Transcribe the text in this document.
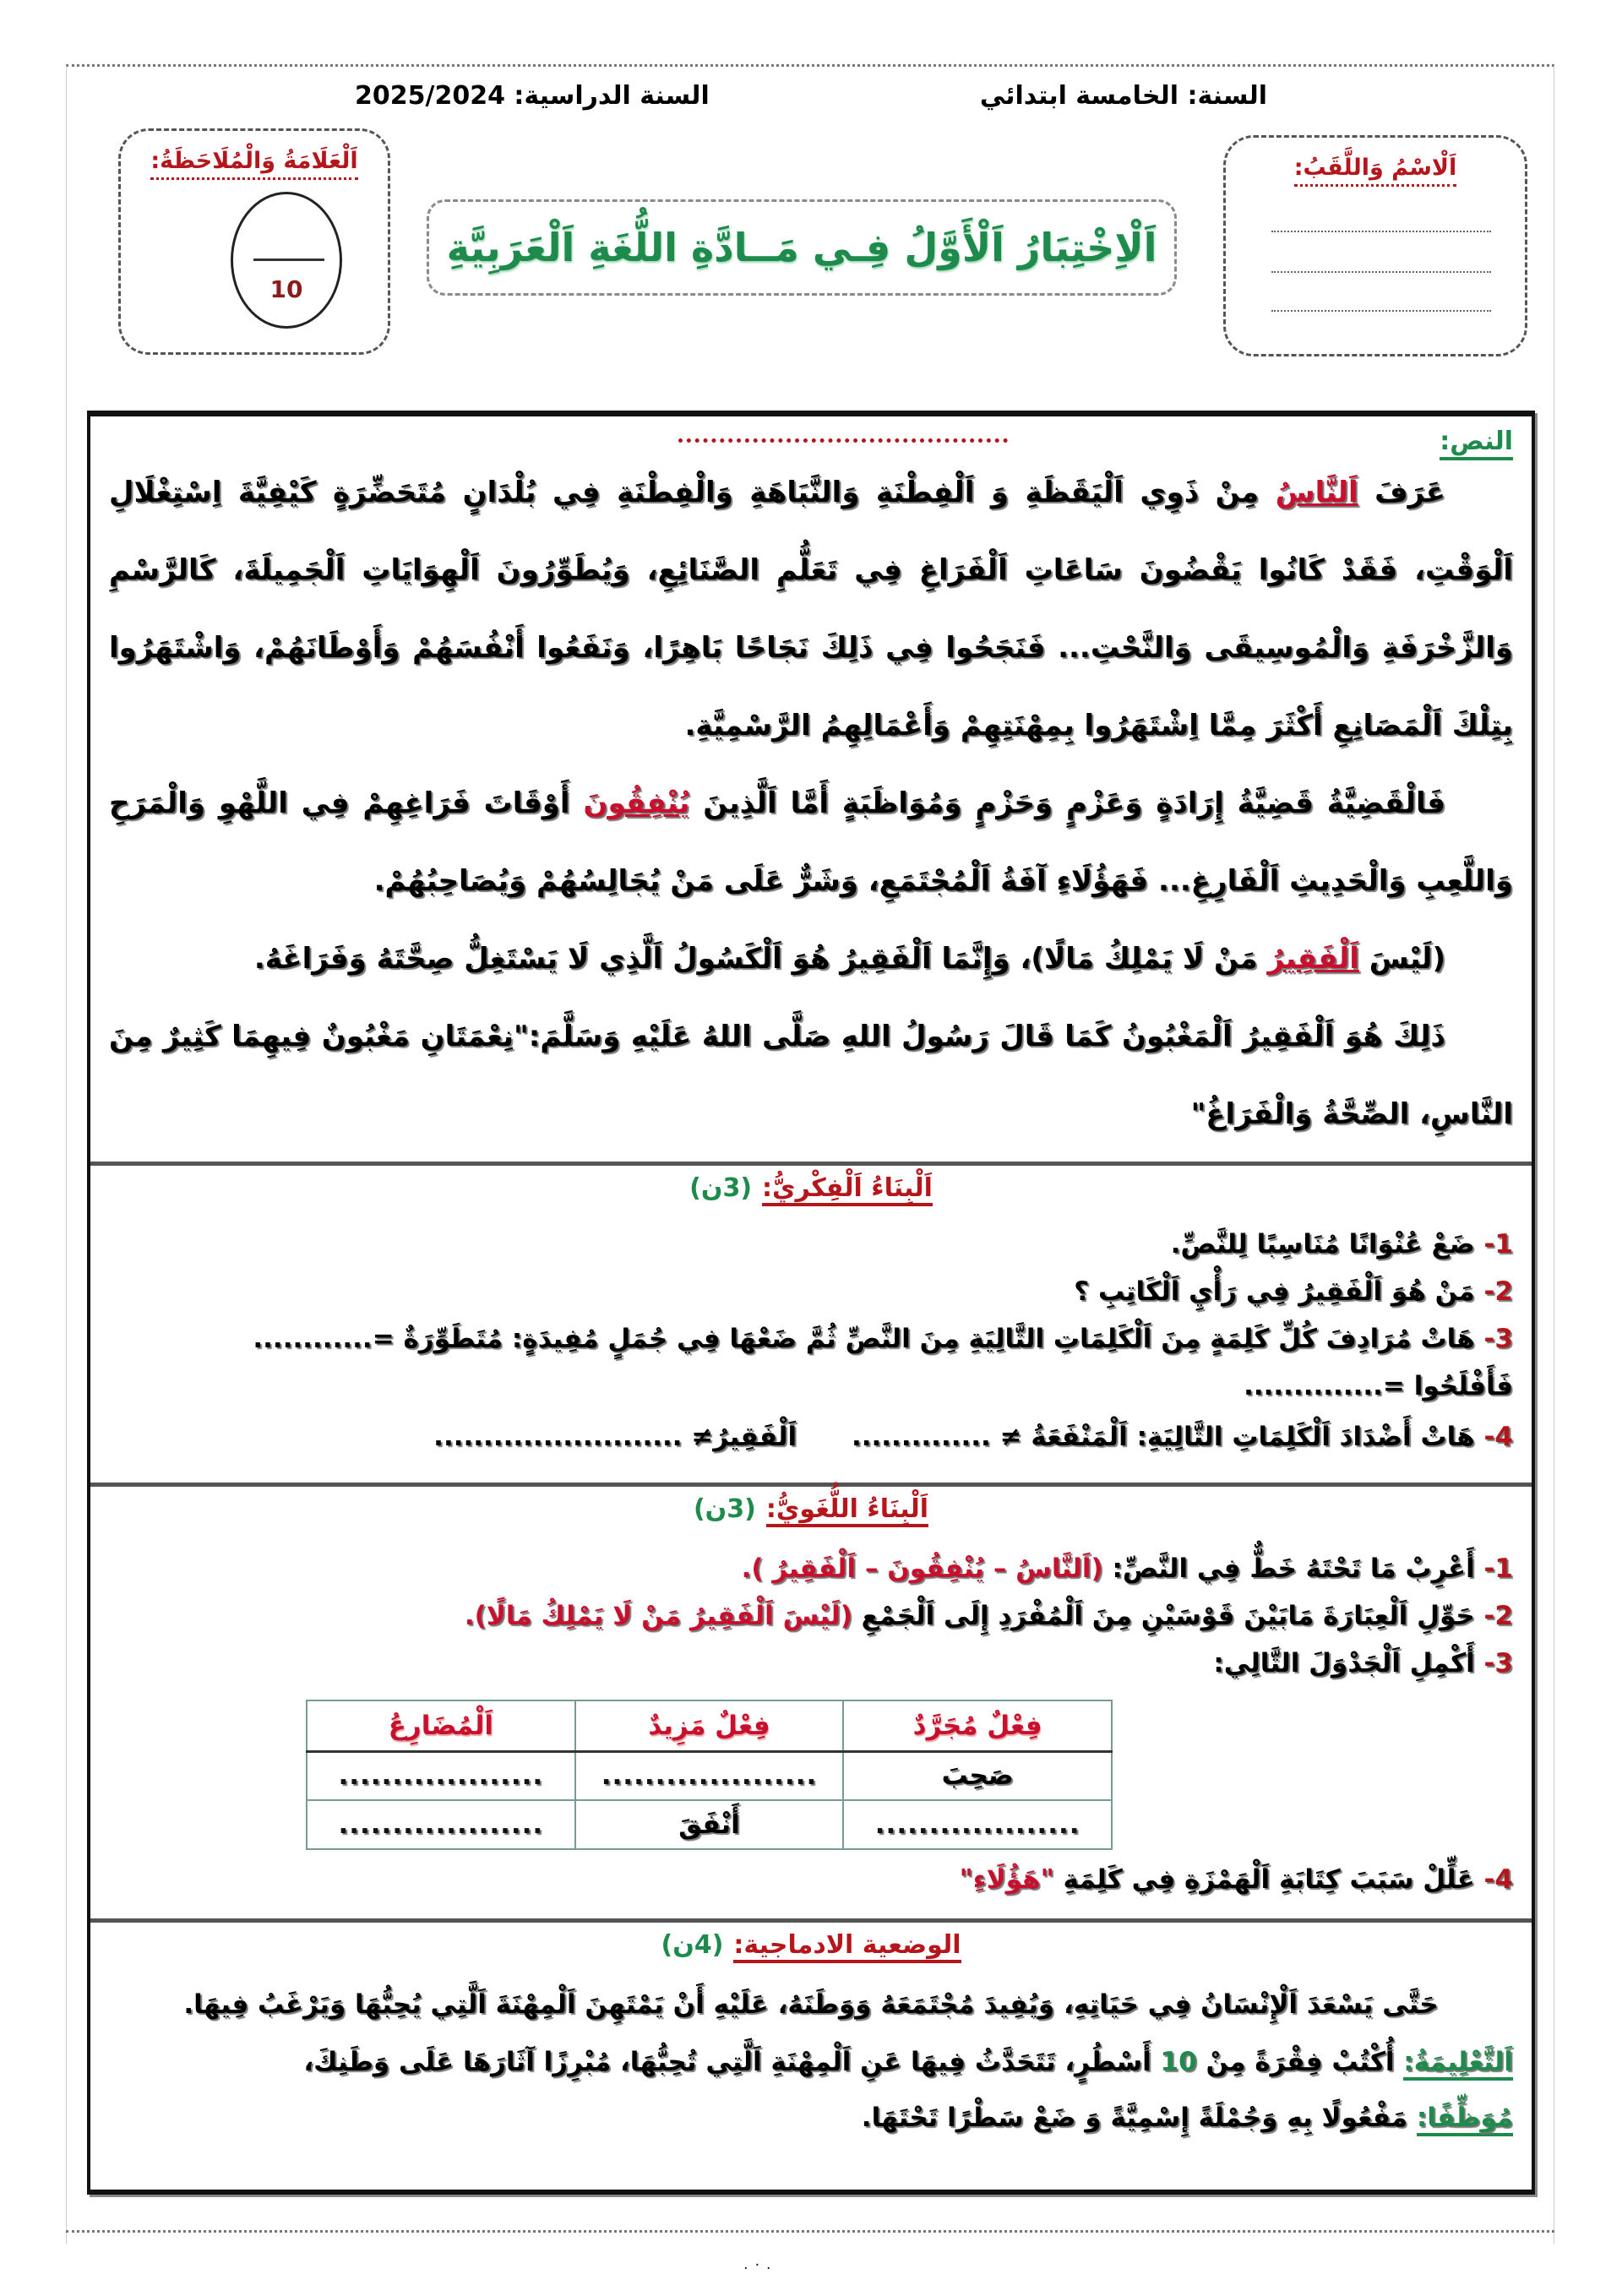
السنة: الخامسة ابتدائي
السنة الدراسية: 2025/2024
اَلْاسْمُ وَاللَّقَبُ:
اَلْاِخْتِبَارُ اَلْأَوَّلُ فِـي مَــادَّةِ اللُّغَةِ اَلْعَرَبِيَّةِ
اَلْعَلَامَةُ وَالْمُلَاحَظَةُ:
10
النص:

عَرَفَ اَلنَّاسُ مِنْ ذَوِي اَلْيَقَظَةِ وَ اَلْفِطْنَةِ وَالنَّبَاهَةِ وَالْفِطْنَةِ فِي بُلْدَانٍ مُتَحَضِّرَةٍ كَيْفِيَّةَ اِسْتِغْلَالِ اَلْوَقْتِ، فَقَدْ كَانُوا يَقْضُونَ سَاعَاتِ اَلْفَرَاغِ فِي تَعَلُّمِ الصَّنَائِعِ، وَيُطَوِّرُونَ اَلْهِوَايَاتِ اَلْجَمِيلَةَ، كَالرَّسْمِ وَالزَّخْرَفَةِ وَالْمُوسِيقَى وَالنَّحْتِ... فَنَجَحُوا فِي ذَلِكَ نَجَاحًا بَاهِرًا، وَنَفَعُوا أَنْفُسَهُمْ وَأَوْطَانَهُمْ، وَاشْتَهَرُوا بِتِلْكَ اَلْمَصَانِعِ أَكْثَرَ مِمَّا اِشْتَهَرُوا بِمِهْنَتِهِمْ وَأَعْمَالِهِمُ الرَّسْمِيَّةِ.

فَالْقَضِيَّةُ قَضِيَّةُ إِرَادَةٍ وَعَزْمٍ وَحَزْمٍ وَمُوَاظَبَةٍ أَمَّا اَلَّذِينَ يُنْفِقُونَ أَوْقَاتَ فَرَاغِهِمْ فِي اللَّهْوِ وَالْمَرَحِ وَاللَّعِبِ وَالْحَدِيثِ اَلْفَارِغِ... فَهَؤُلَاءِ آفَةُ اَلْمُجْتَمَعِ، وَشَرٌّ عَلَى مَنْ يُجَالِسُهُمْ وَيُصَاحِبُهُمْ.

(لَيْسَ اَلْفَقِيرُ مَنْ لَا يَمْلِكُ مَالًا)، وَإِنَّمَا اَلْفَقِيرُ هُوَ اَلْكَسُولُ اَلَّذِي لَا يَسْتَغِلُّ صِحَّتَهُ وَفَرَاغَهُ.

ذَلِكَ هُوَ اَلْفَقِيرُ اَلْمَغْبُونُ كَمَا قَالَ رَسُولُ اللهِ صَلَّى اللهُ عَلَيْهِ وَسَلَّمَ:"نِعْمَتَانِ مَغْبُونٌ فِيهِمَا كَثِيرٌ مِنَ النَّاسِ، الصِّحَّةُ وَالْفَرَاغُ"

اَلْبِنَاءُ اَلْفِكْرِيُّ:(3ن)
1- ضَعْ عُنْوَانًا مُنَاسِبًا لِلنَّصِّ.
2- مَنْ هُوَ اَلْفَقِيرُ فِي رَأْيِ اَلْكَاتِبِ ؟
3- هَاتْ مُرَادِفَ كُلِّ كَلِمَةٍ مِنَ اَلْكَلِمَاتِ التَّالِيَةِ مِنَ النَّصِّ ثُمَّ ضَعْهَا فِي جُمَلٍ مُفِيدَةٍ: مُتَطَوِّرَةٌ =............
فَأَفْلَحُوا =..............
4- هَاتْ أَضْدَادَ اَلْكَلِمَاتِ التَّالِيَةِ: اَلْمَنْفَعَةُ ≠ ..............      اَلْفَقِيرُ≠ .........................
اَلْبِنَاءُ اللُّغَوِيُّ:(3ن)
1- أَعْرِبْ مَا تَحْتَهُ خَطٌّ فِي النَّصِّ: (اَلنَّاسُ – يُنْفِقُونَ – اَلْفَقِيرُ ).
2- حَوِّلِ اَلْعِبَارَةَ مَابَيْنَ قَوْسَيْنِ مِنَ اَلْمُفْرَدِ إِلَى اَلْجَمْعِ (لَيْسَ اَلْفَقِيرُ مَنْ لَا يَمْلِكُ مَالًا).
3- أَكْمِلِ اَلْجَدْوَلَ التَّالِي:
فِعْلٌ مُجَرَّدٌ	فِعْلٌ مَزِيدٌ	اَلْمُضَارِعُ
صَحِبَ	....................	...................
...................	أَنْفَقَ	...................
4- عَلِّلْ سَبَبَ كِتَابَةِ اَلْهَمْزَةِ فِي كَلِمَةِ "هَؤُلَاءِ"
الوضعية الادماجية:(4ن)
حَتَّى يَسْعَدَ اَلْإِنْسَانُ فِي حَيَاتِهِ، وَيُفِيدَ مُجْتَمَعَهُ وَوَطَنَهُ، عَلَيْهِ أَنْ يَمْتَهِنَ اَلْمِهْنَةَ اَلَّتِي يُحِبُّهَا وَيَرْغَبُ فِيهَا.
اَلتَّعْلِيمَةُ: أُكْتُبْ فِقْرَةً مِنْ 10 أَسْطُرٍ، تَتَحَدَّثُ فِيهَا عَنِ اَلْمِهْنَةِ اَلَّتِي تُحِبُّهَا، مُبْرِزًا آثَارَهَا عَلَى وَطَنِكَ،
مُوَظِّفًا: مَفْعُولًا بِهِ وَجُمْلَةً إِسْمِيَّةً وَ ضَعْ سَطْرًا تَحْتَهَا.
. ٠ .
